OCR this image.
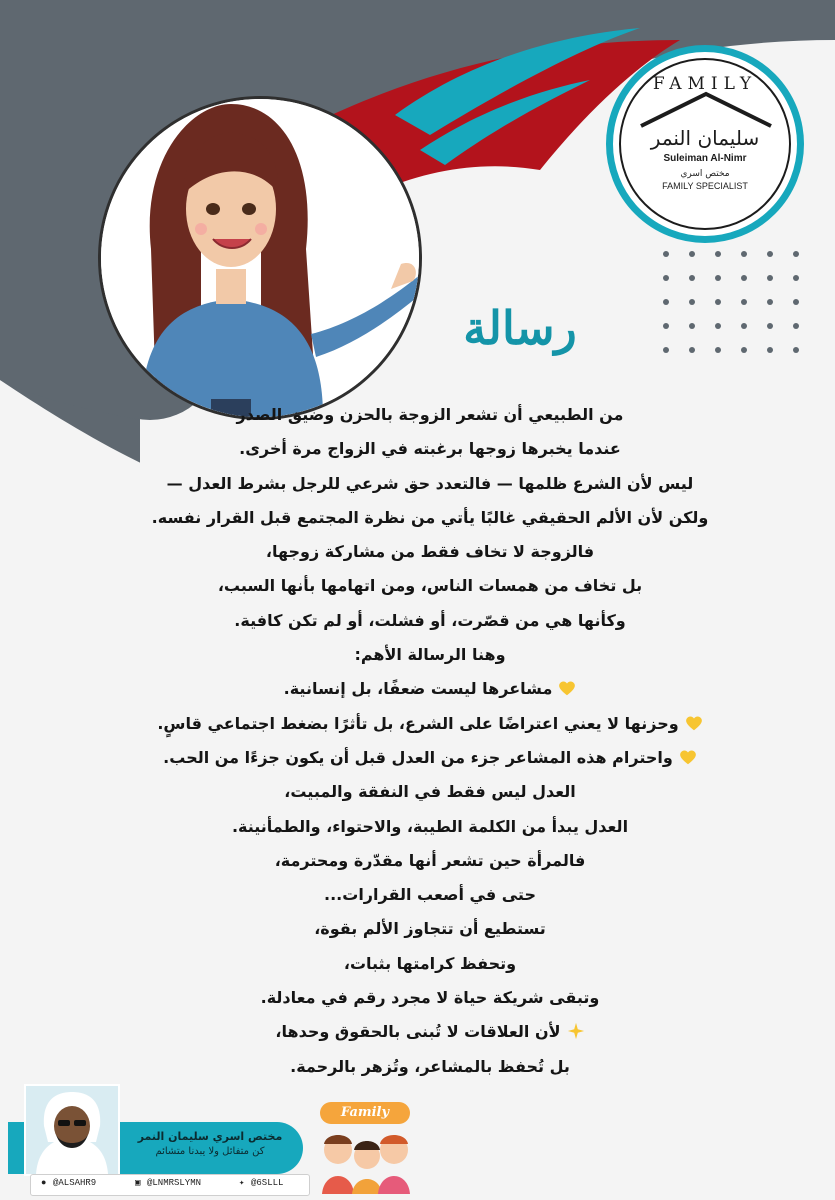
FAMILY
سليمان النمر
Suleiman Al-Nimr
مختص اسري
FAMILY SPECIALIST
رسالة
من الطبيعي أن تشعر الزوجة بالحزن وضيق الصدر
عندما يخبرها زوجها برغبته في الزواج مرة أخرى.
ليس لأن الشرع ظلمها — فالتعدد حق شرعي للرجل بشرط العدل —
ولكن لأن الألم الحقيقي غالبًا يأتي من نظرة المجتمع قبل القرار نفسه.
فالزوجة لا تخاف فقط من مشاركة زوجها،
بل تخاف من همسات الناس، ومن اتهامها بأنها السبب،
وكأنها هي من قصّرت، أو فشلت، أو لم تكن كافية.
وهنا الرسالة الأهم:
مشاعرها ليست ضعفًا، بل إنسانية.
وحزنها لا يعني اعتراضًا على الشرع، بل تأثرًا بضغط اجتماعي قاسٍ.
واحترام هذه المشاعر جزء من العدل قبل أن يكون جزءًا من الحب.
العدل ليس فقط في النفقة والمبيت،
العدل يبدأ من الكلمة الطيبة، والاحتواء، والطمأنينة.
فالمرأة حين تشعر أنها مقدّرة ومحترمة،
حتى في أصعب القرارات...
تستطيع أن تتجاوز الألم بقوة،
وتحفظ كرامتها بثبات،
وتبقى شريكة حياة لا مجرد رقم في معادلة.
لأن العلاقات لا تُبنى بالحقوق وحدها،
بل تُحفظ بالمشاعر، وتُزهر بالرحمة.
مختص اسري سليمان النمر
كن متفائل ولا يبدنا متشائم
● @ALSAHR9	▣ @LNMRSLYMN	✦ @6SLLL
Family
